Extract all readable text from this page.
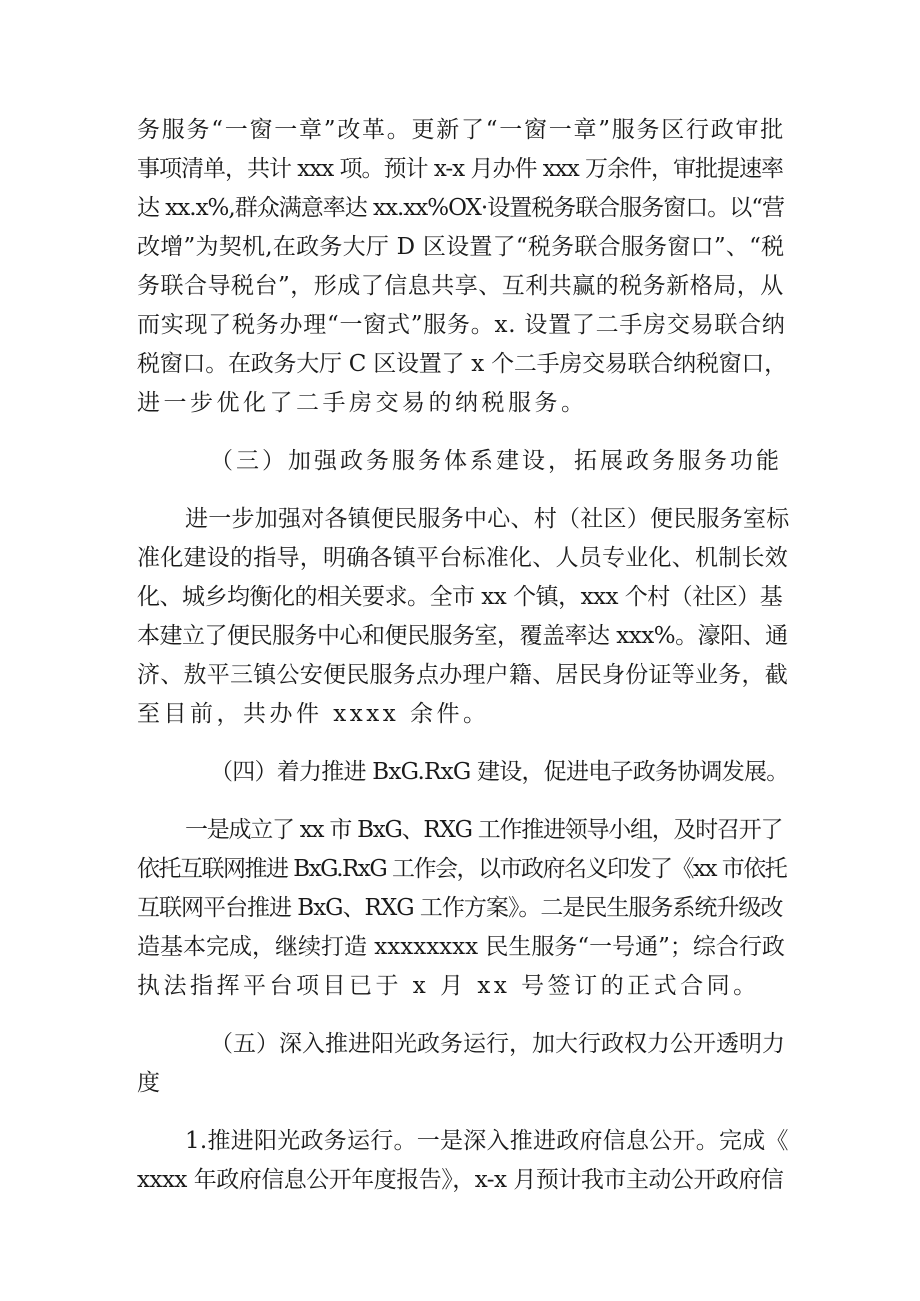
务服务“一窗一章”改革。更新了“一窗一章”服务区行政审批
事项清单，共计 xxx 项。预计 x-x 月办件 xxx 万余件，审批提速率
达 xx.x%,群众满意率达 xx.xx%OX·设置税务联合服务窗口。以“营
改增”为契机,在政务大厅 D 区设置了“税务联合服务窗口”、“税
务联合导税台”，形成了信息共享、互利共赢的税务新格局，从
而实现了税务办理“一窗式”服务。x. 设置了二手房交易联合纳
税窗口。在政务大厅 C 区设置了 x 个二手房交易联合纳税窗口，
进一步优化了二手房交易的纳税服务。
（三）加强政务服务体系建设，拓展政务服务功能
进一步加强对各镇便民服务中心、村（社区）便民服务室标
准化建设的指导，明确各镇平台标准化、人员专业化、机制长效
化、城乡均衡化的相关要求。全市 xx 个镇，xxx 个村（社区）基
本建立了便民服务中心和便民服务室，覆盖率达 xxx%。濠阳、通
济、敖平三镇公安便民服务点办理户籍、居民身份证等业务，截
至目前，共办件 xxxx 余件。
（四）着力推进 BxG.RxG 建设，促进电子政务协调发展。
一是成立了 xx 市 BxG、RXG 工作推进领导小组，及时召开了
依托互联网推进 BxG.RxG 工作会，以市政府名义印发了《xx 市依托
互联网平台推进 BxG、RXG 工作方案》。二是民生服务系统升级改
造基本完成，继续打造 xxxxxxxx 民生服务“一号通”；综合行政
执法指挥平台项目已于 x 月 xx 号签订的正式合同。
（五）深入推进阳光政务运行，加大行政权力公开透明力
度
1.推进阳光政务运行。一是深入推进政府信息公开。完成《
xxxx 年政府信息公开年度报告》，x-x 月预计我市主动公开政府信
